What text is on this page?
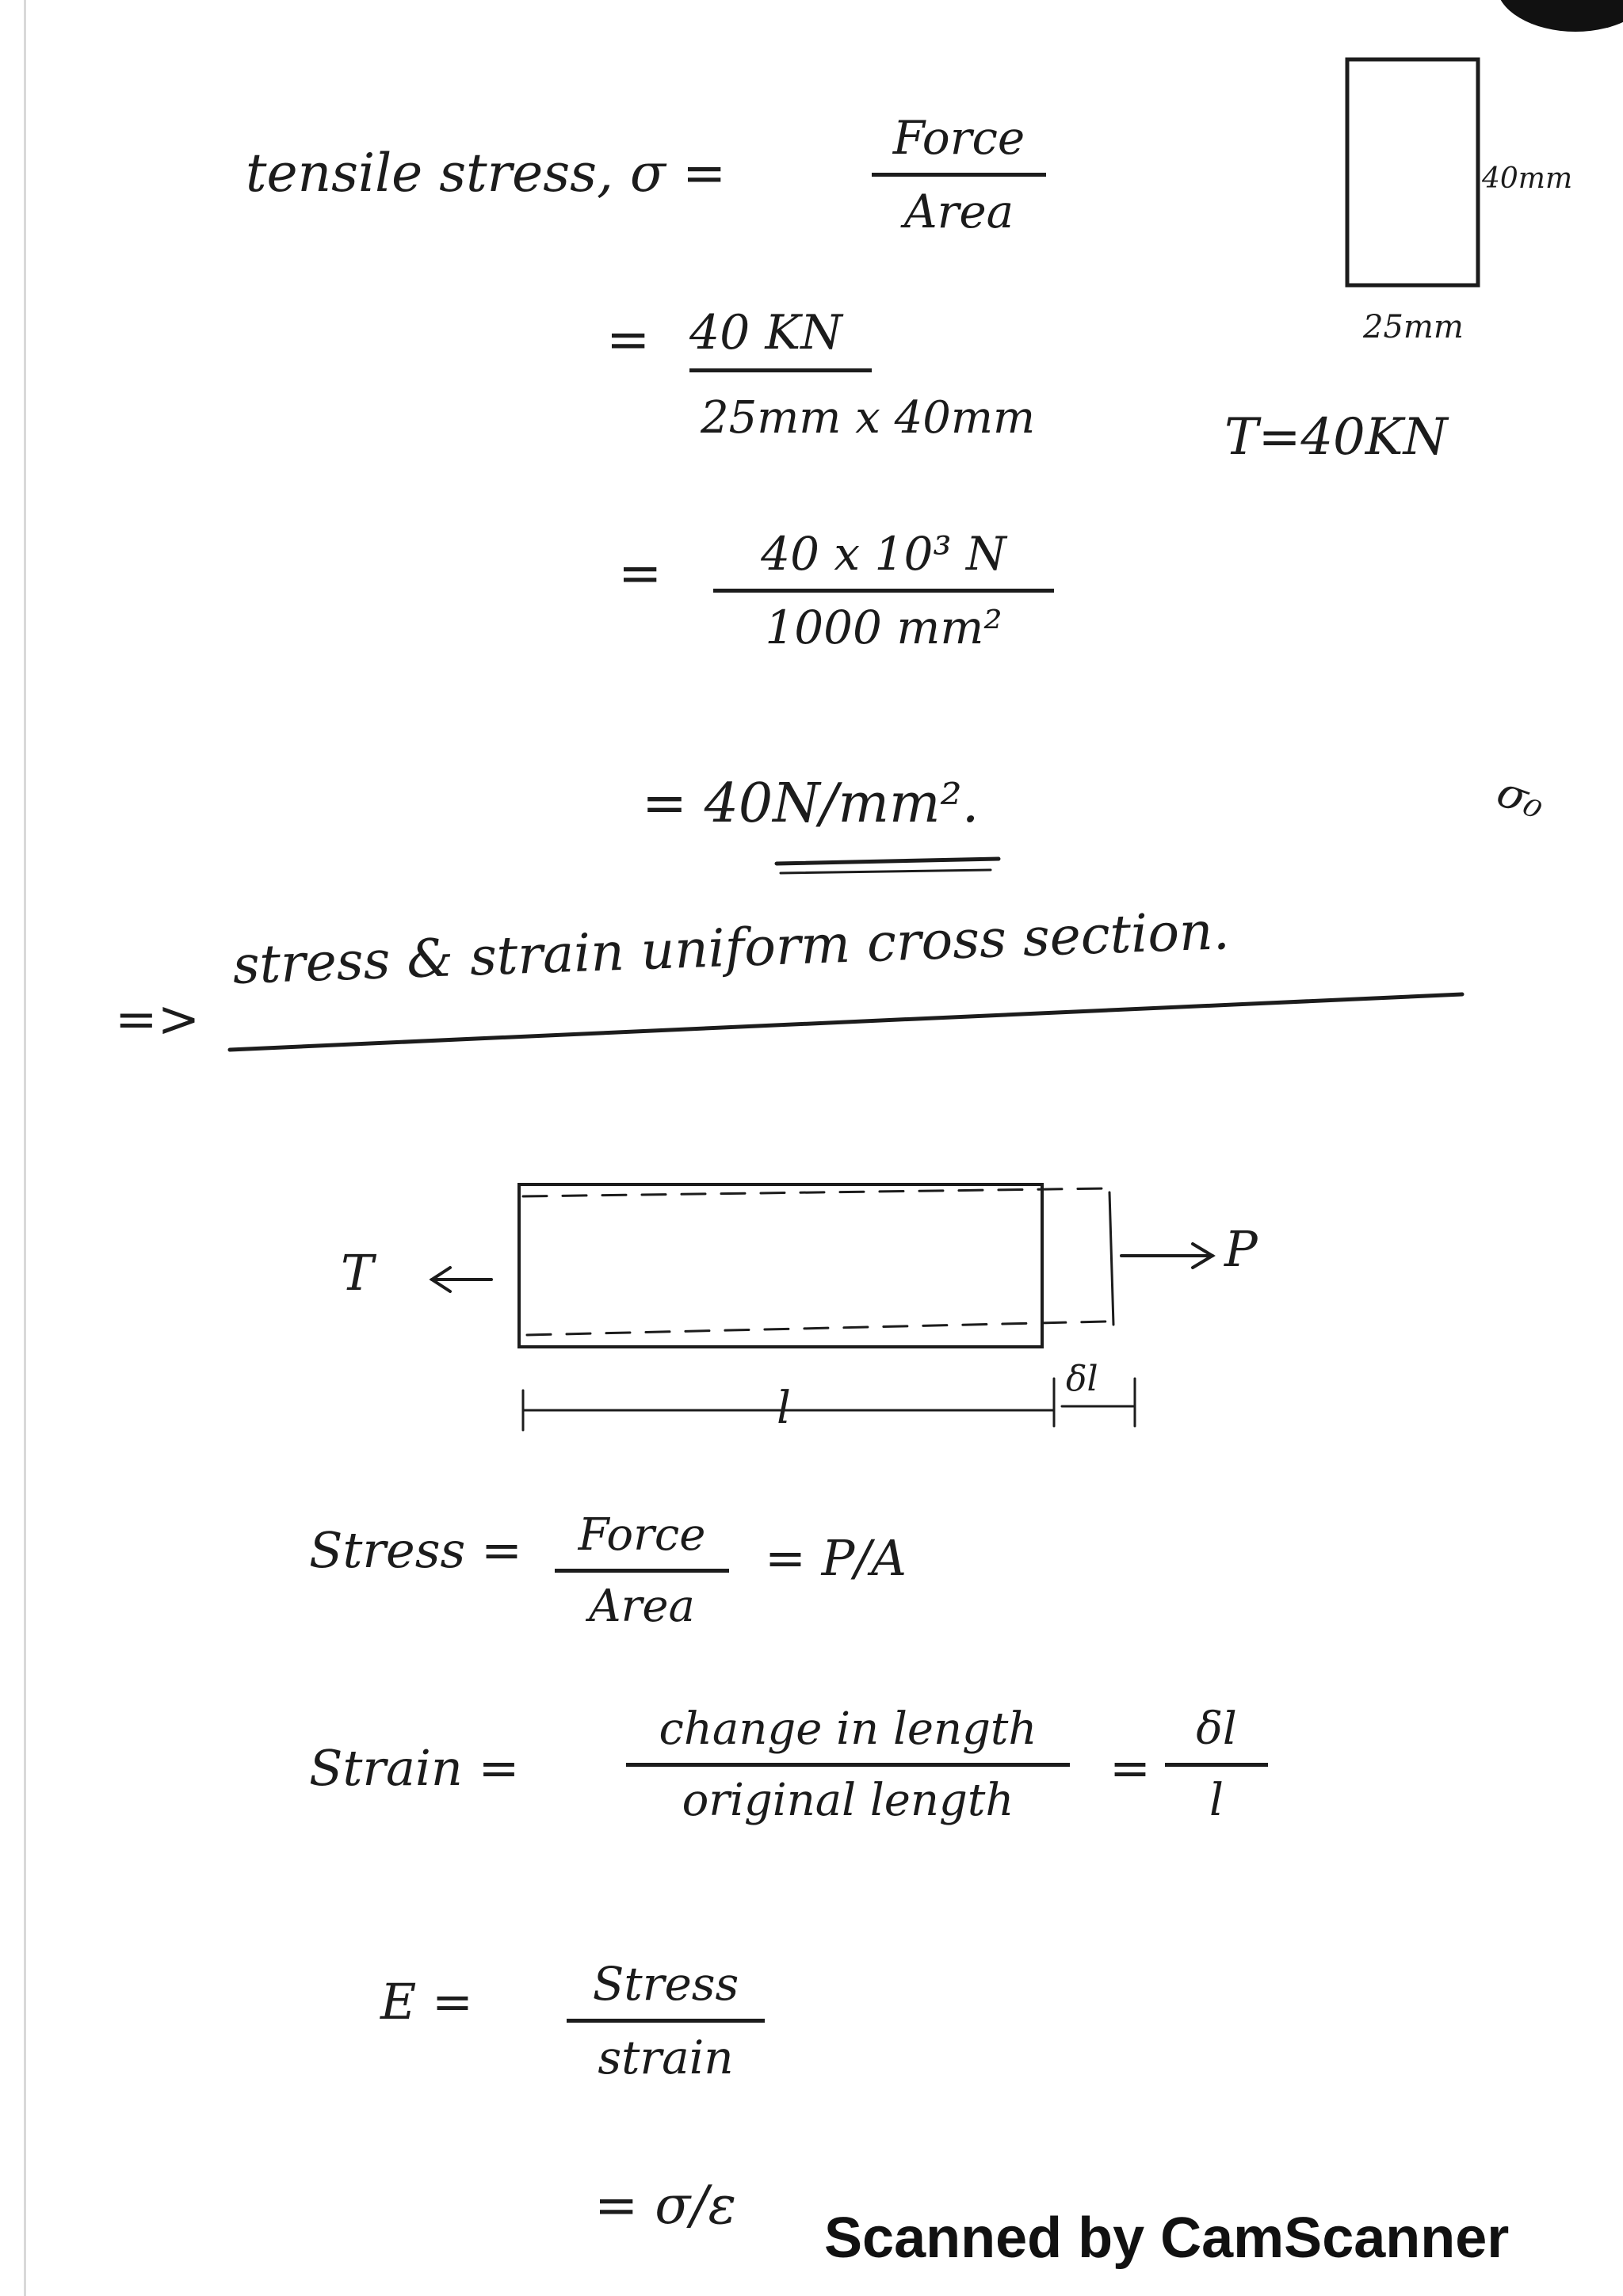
tensile stress, σ =
Force
Area
= 40 KN
25mm x 40mm
=	40 x 10³ N
1000 mm²
= 40N/mm².	σ₀
40mm
25mm
T=40KN
=>
stress & strain uniform cross section.
T	P
l
δl
Stress =	Force
Area
= P/A
Strain =
change in length
original length
=
δl
l
E =	Stress
strain
= σ/ε
Scanned by CamScanner
